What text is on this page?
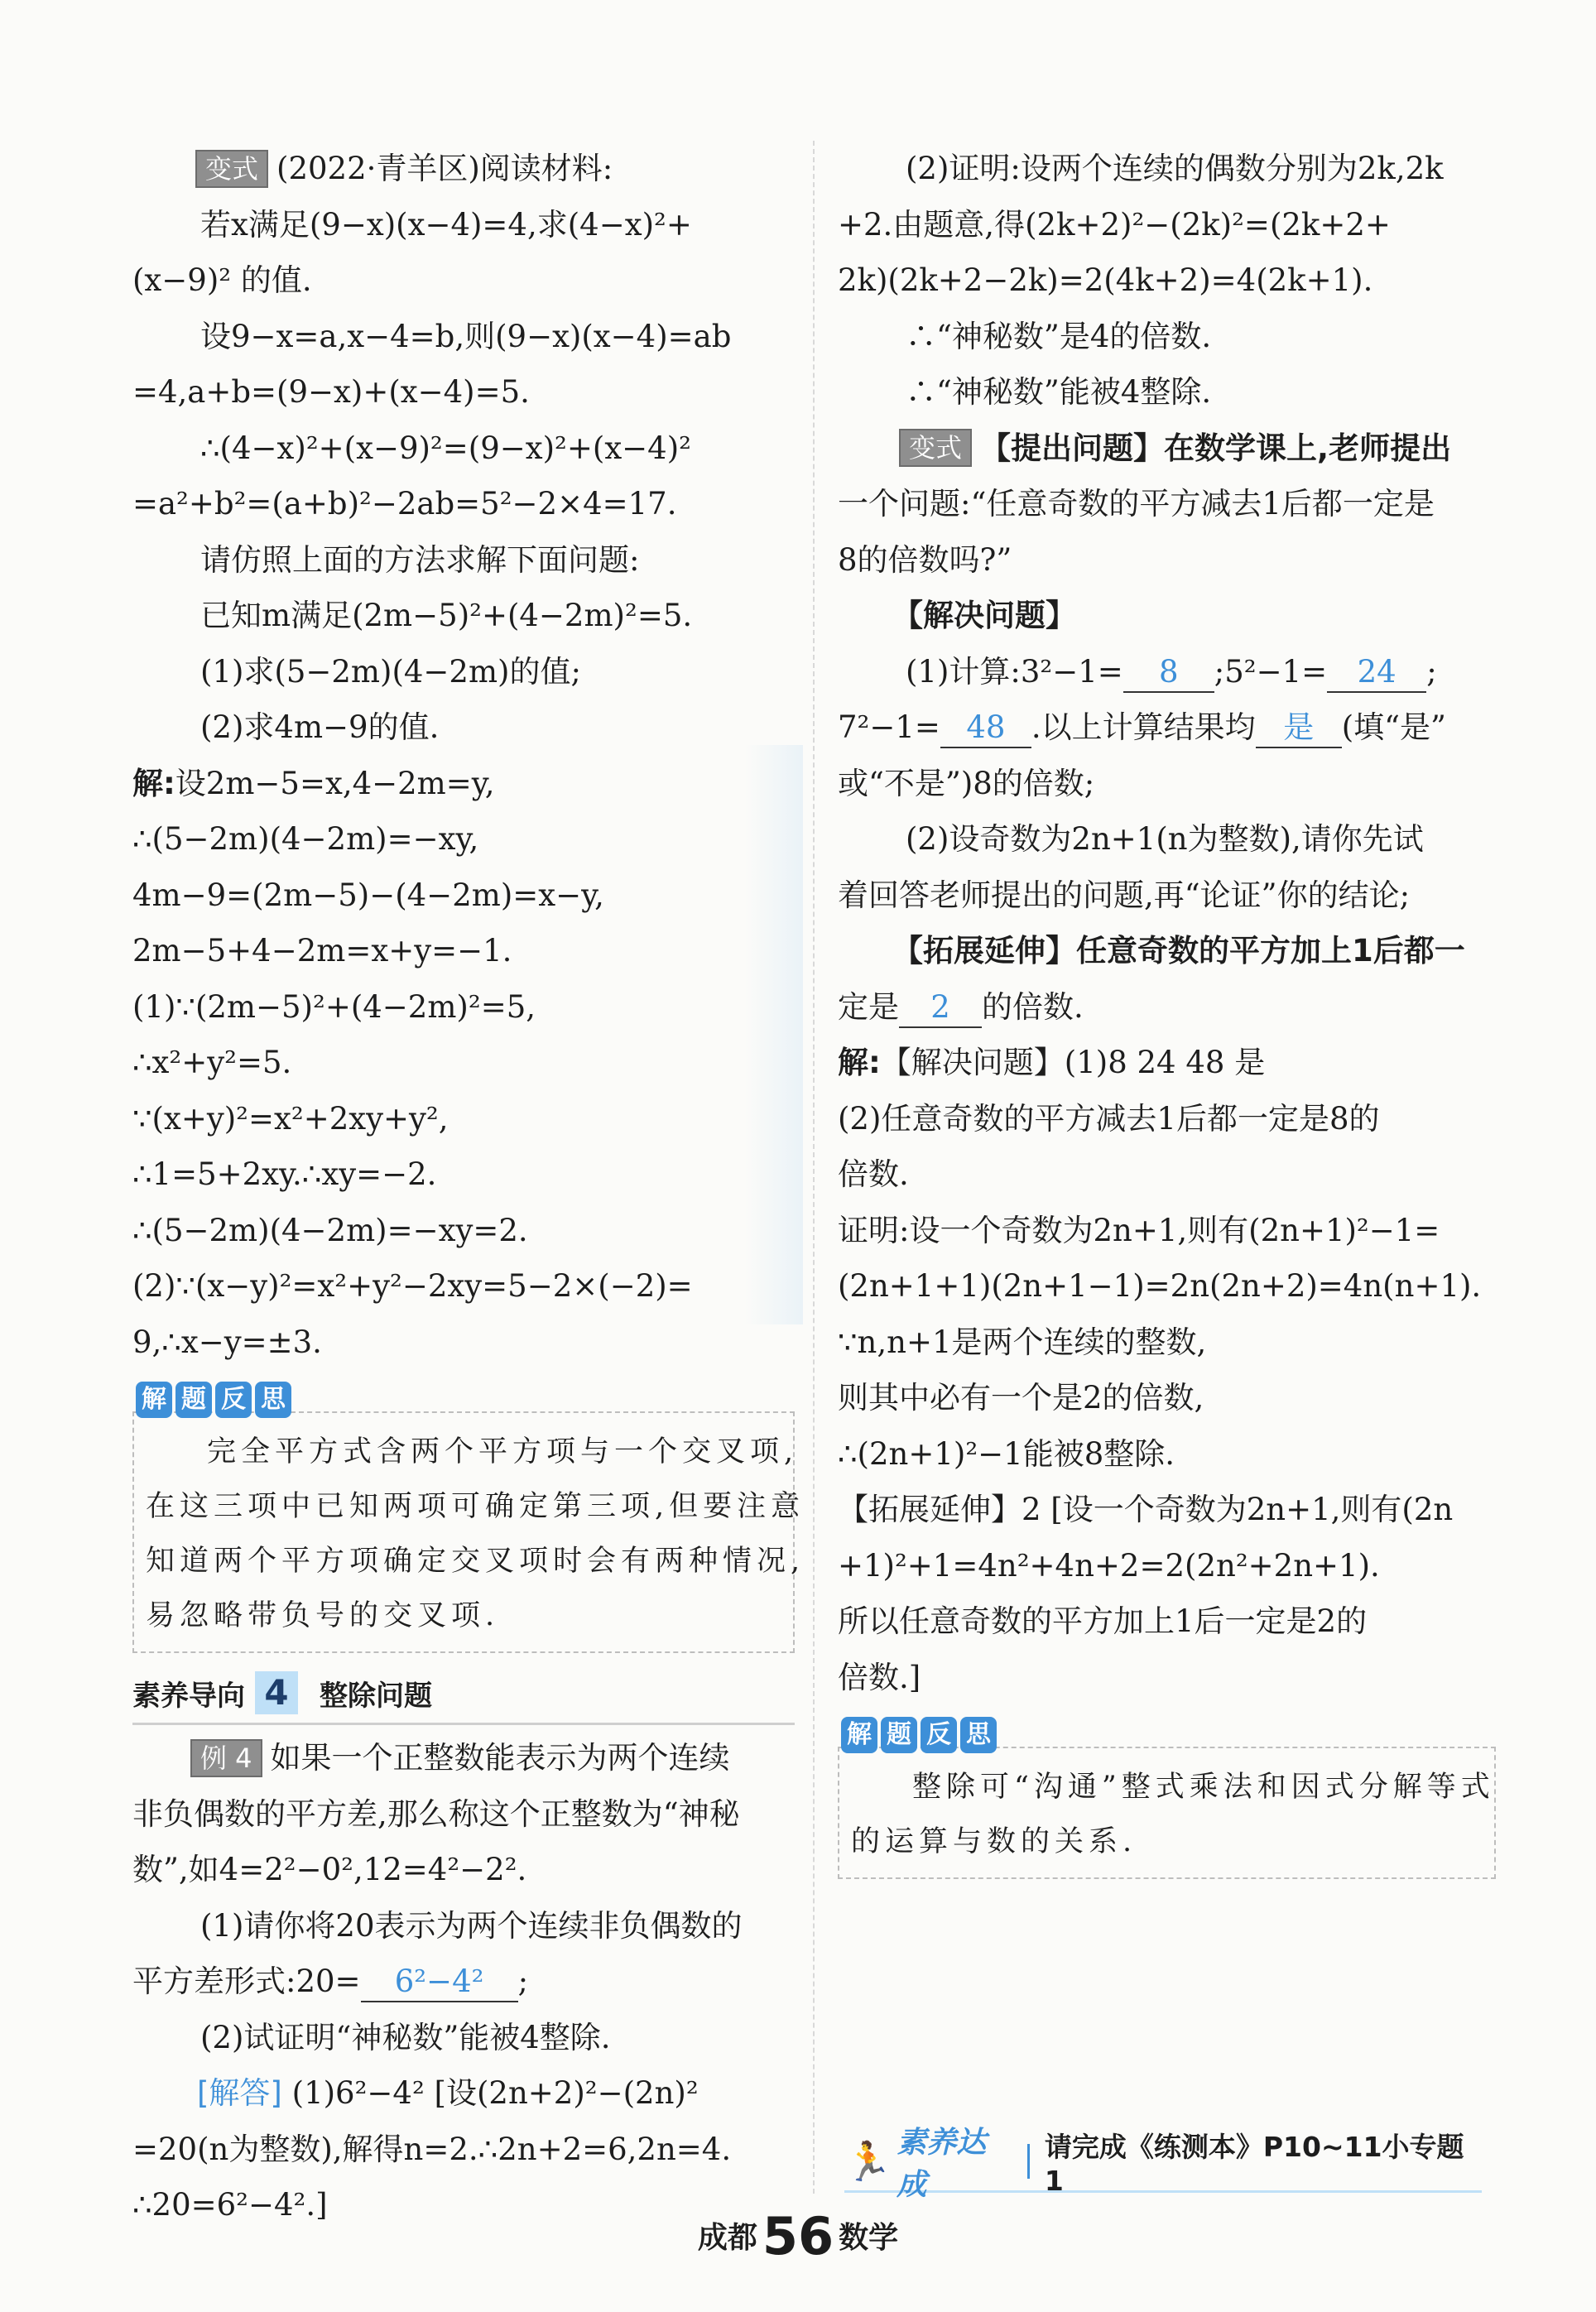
变式 (2022·青羊区)阅读材料:
若x满足(9−x)(x−4)=4,求(4−x)²+
(x−9)² 的值.
设9−x=a,x−4=b,则(9−x)(x−4)=ab
=4,a+b=(9−x)+(x−4)=5.
∴(4−x)²+(x−9)²=(9−x)²+(x−4)²
=a²+b²=(a+b)²−2ab=5²−2×4=17.
请仿照上面的方法求解下面问题:
已知m满足(2m−5)²+(4−2m)²=5.
(1)求(5−2m)(4−2m)的值;
(2)求4m−9的值.
解:设2m−5=x,4−2m=y,
∴(5−2m)(4−2m)=−xy,
4m−9=(2m−5)−(4−2m)=x−y,
2m−5+4−2m=x+y=−1.
(1)∵(2m−5)²+(4−2m)²=5,
∴x²+y²=5.
∵(x+y)²=x²+2xy+y²,
∴1=5+2xy.∴xy=−2.
∴(5−2m)(4−2m)=−xy=2.
(2)∵(x−y)²=x²+y²−2xy=5−2×(−2)=
9,∴x−y=±3.
解 题 反 思
完全平方式含两个平方项与一个交叉项,
在这三项中已知两项可确定第三项,但要注意
知道两个平方项确定交叉项时会有两种情况,
易忽略带负号的交叉项.
素养导向 4	整除问题
例 4 如果一个正整数能表示为两个连续
非负偶数的平方差,那么称这个正整数为“神秘
数”,如4=2²−0²,12=4²−2².
(1)请你将20表示为两个连续非负偶数的
平方差形式:20= 6²−4² ;
(2)试证明“神秘数”能被4整除.
[解答] (1)6²−4² [设(2n+2)²−(2n)²
=20(n为整数),解得n=2.∴2n+2=6,2n=4.
∴20=6²−4².]
(2)证明:设两个连续的偶数分别为2k,2k
+2.由题意,得(2k+2)²−(2k)²=(2k+2+
2k)(2k+2−2k)=2(4k+2)=4(2k+1).
∴“神秘数”是4的倍数.
∴“神秘数”能被4整除.
变式 【提出问题】在数学课上,老师提出
一个问题:“任意奇数的平方减去1后都一定是
8的倍数吗?”
【解决问题】
(1)计算:3²−1= 8 ;5²−1= 24 ;
7²−1= 48 .以上计算结果均 是 (填“是”
或“不是”)8的倍数;
(2)设奇数为2n+1(n为整数),请你先试
着回答老师提出的问题,再“论证”你的结论;
【拓展延伸】任意奇数的平方加上1后都一
定是 2 的倍数.
解:【解决问题】(1)8 24 48 是
(2)任意奇数的平方减去1后都一定是8的
倍数.
证明:设一个奇数为2n+1,则有(2n+1)²−1=
(2n+1+1)(2n+1−1)=2n(2n+2)=4n(n+1).
∵n,n+1是两个连续的整数,
则其中必有一个是2的倍数,
∴(2n+1)²−1能被8整除.
【拓展延伸】2 [设一个奇数为2n+1,则有(2n
+1)²+1=4n²+4n+2=2(2n²+2n+1).
所以任意奇数的平方加上1后一定是2的
倍数.]
解 题 反 思
整除可“沟通”整式乘法和因式分解等式
的运算与数的关系.
🏃 素养达成
请完成《练测本》P10~11小专题1
成都56 数学
